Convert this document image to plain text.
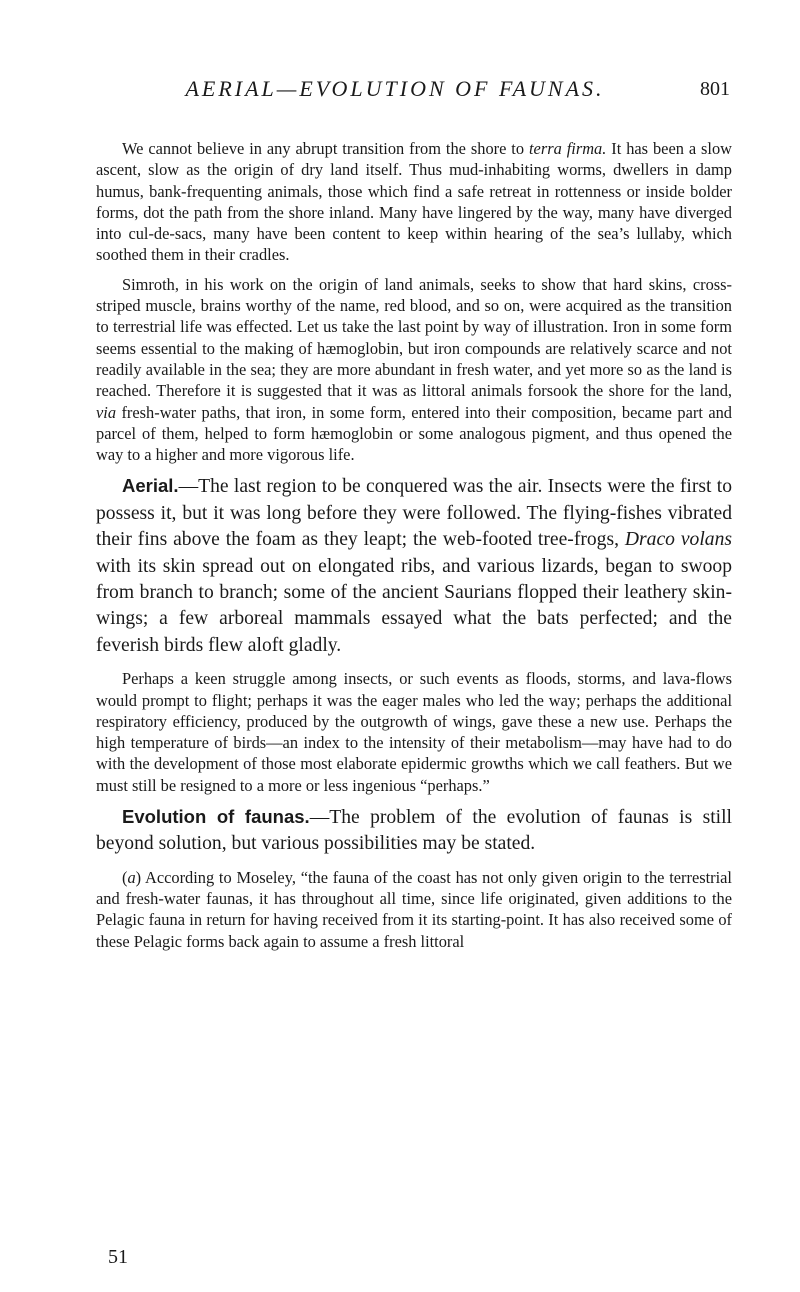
AERIAL—EVOLUTION OF FAUNAS.	801

We cannot believe in any abrupt transition from the shore to terra firma. It has been a slow ascent, slow as the origin of dry land itself. Thus mud-inhabiting worms, dwellers in damp humus, bank-frequenting animals, those which find a safe retreat in rottenness or inside bolder forms, dot the path from the shore inland. Many have lingered by the way, many have diverged into cul-de-sacs, many have been content to keep within hearing of the sea’s lullaby, which soothed them in their cradles.

Simroth, in his work on the origin of land animals, seeks to show that hard skins, cross-striped muscle, brains worthy of the name, red blood, and so on, were acquired as the transition to terrestrial life was effected. Let us take the last point by way of illustration. Iron in some form seems essential to the making of hæmoglobin, but iron compounds are relatively scarce and not readily available in the sea; they are more abundant in fresh water, and yet more so as the land is reached. Therefore it is suggested that it was as littoral animals forsook the shore for the land, via fresh-water paths, that iron, in some form, entered into their composition, became part and parcel of them, helped to form hæmoglobin or some analogous pigment, and thus opened the way to a higher and more vigorous life.

Aerial.—The last region to be conquered was the air. Insects were the first to possess it, but it was long before they were followed. The flying-fishes vibrated their fins above the foam as they leapt; the web-footed tree-frogs, Draco volans with its skin spread out on elongated ribs, and various lizards, began to swoop from branch to branch; some of the ancient Saurians flopped their leathery skin-wings; a few arboreal mammals essayed what the bats perfected; and the feverish birds flew aloft gladly.

Perhaps a keen struggle among insects, or such events as floods, storms, and lava-flows would prompt to flight; perhaps it was the eager males who led the way; perhaps the additional respiratory efficiency, produced by the outgrowth of wings, gave these a new use. Perhaps the high temperature of birds—an index to the intensity of their metabolism—may have had to do with the development of those most elaborate epidermic growths which we call feathers. But we must still be resigned to a more or less ingenious “perhaps.”

Evolution of faunas.—The problem of the evolution of faunas is still beyond solution, but various possibilities may be stated.

(a) According to Moseley, “the fauna of the coast has not only given origin to the terrestrial and fresh-water faunas, it has throughout all time, since life originated, given additions to the Pelagic fauna in return for having received from it its starting-point. It has also received some of these Pelagic forms back again to assume a fresh littoral

51
